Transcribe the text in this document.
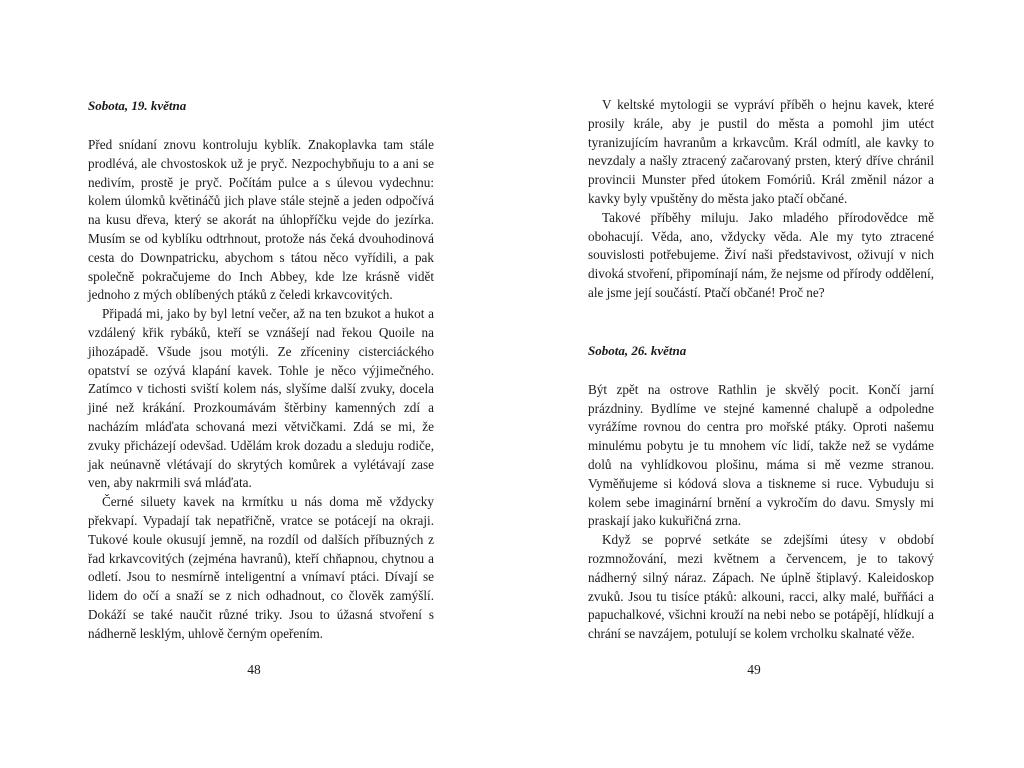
Sobota, 19. května

Před snídaní znovu kontroluju kyblík. Znakoplavka tam stále prodlévá, ale chvostoskok už je pryč. Nezpochybňuju to a ani se nedivím, prostě je pryč. Počítám pulce a s úlevou vydechnu: kolem úlomků květináčů jich plave stále stejně a jeden odpočívá na kusu dřeva, který se akorát na úhlopříčku vejde do jezírka. Musím se od kyblíku odtrhnout, protože nás čeká dvouhodinová cesta do Downpatricku, abychom s tátou něco vyřídili, a pak společně pokračujeme do Inch Abbey, kde lze krásně vidět jednoho z mých oblíbených ptáků z čeledi krkavcovitých.

Připadá mi, jako by byl letní večer, až na ten bzukot a hukot a vzdálený křik rybáků, kteří se vznášejí nad řekou Quoile na jihozápadě. Všude jsou motýli. Ze zříceniny cisterciáckého opatství se ozývá klapání kavek. Tohle je něco výjimečného. Zatímco v tichosti sviští kolem nás, slyšíme další zvuky, docela jiné než krákání. Prozkoumávám štěrbiny kamenných zdí a nacházím mláďata schovaná mezi větvičkami. Zdá se mi, že zvuky přicházejí odevšad. Udělám krok dozadu a sleduju rodiče, jak neúnavně vlétávají do skrytých komůrek a vylétávají zase ven, aby nakrmili svá mláďata.

Černé siluety kavek na krmítku u nás doma mě vždycky překvapí. Vypadají tak nepatřičně, vratce se potácejí na okraji. Tukové koule okusují jemně, na rozdíl od dalších příbuzných z řad krkavcovitých (zejména havranů), kteří chňapnou, chytnou a odletí. Jsou to nesmírně inteligentní a vnímaví ptáci. Dívají se lidem do očí a snaží se z nich odhadnout, co člověk zamýšlí. Dokáží se také naučit různé triky. Jsou to úžasná stvoření s nádherně lesklým, uhlově černým opeřením.

48

V keltské mytologii se vypráví příběh o hejnu kavek, které prosily krále, aby je pustil do města a pomohl jim utéct tyranizujícím havranům a krkavcům. Král odmítl, ale kavky to nevzdaly a našly ztracený začarovaný prsten, který dříve chránil provincii Munster před útokem Fomóriů. Král změnil názor a kavky byly vpuštěny do města jako ptačí občané.

Takové příběhy miluju. Jako mladého přírodovědce mě obohacují. Věda, ano, vždycky věda. Ale my tyto ztracené souvislosti potřebujeme. Živí naši představivost, oživují v nich divoká stvoření, připomínají nám, že nejsme od přírody oddělení, ale jsme její součástí. Ptačí občané! Proč ne?

Sobota, 26. května

Být zpět na ostrove Rathlin je skvělý pocit. Končí jarní prázdniny. Bydlíme ve stejné kamenné chalupě a odpoledne vyrážíme rovnou do centra pro mořské ptáky. Oproti našemu minulému pobytu je tu mnohem víc lidí, takže než se vydáme dolů na vyhlídkovou plošinu, máma si mě vezme stranou. Vyměňujeme si kódová slova a tiskneme si ruce. Vybuduju si kolem sebe imaginární brnění a vykročím do davu. Smysly mi praskají jako kukuřičná zrna.

Když se poprvé setkáte se zdejšími útesy v období rozmnožování, mezi květnem a červencem, je to takový nádherný silný náraz. Zápach. Ne úplně štiplavý. Kaleidoskop zvuků. Jsou tu tisíce ptáků: alkouni, racci, alky malé, buřňáci a papuchalkové, všichni krouží na nebi nebo se potápějí, hlídkují a chrání se navzájem, potulují se kolem vrcholku skalnaté věže.

49
